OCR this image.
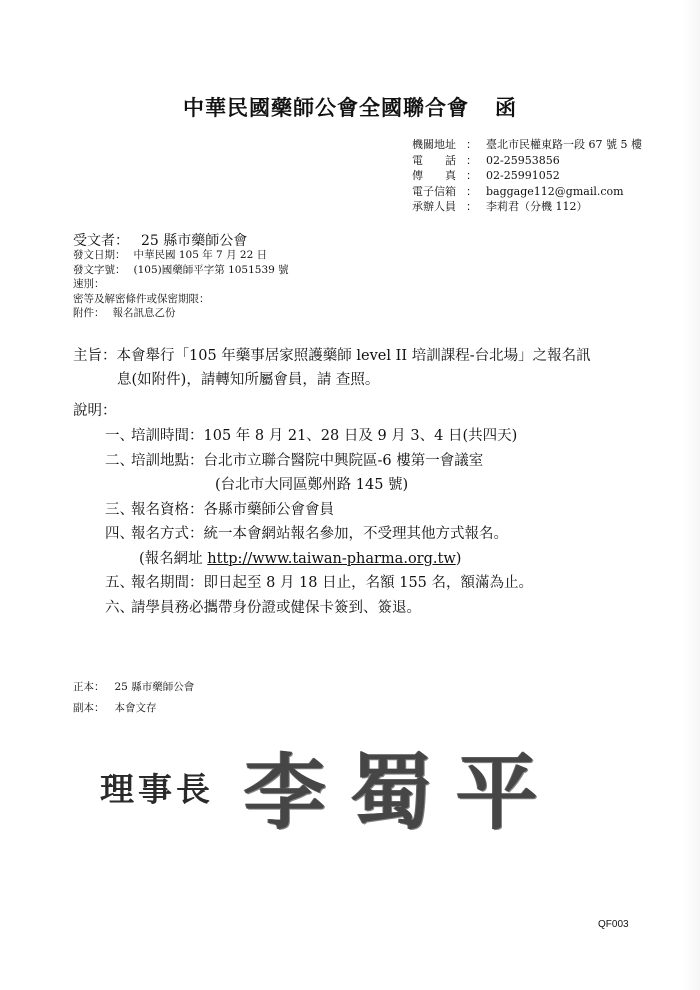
中華民國藥師公會全國聯合會 函
機關地址 ： 臺北市民權東路一段 67 號 5 樓
電　　話 ： 02-25953856
傳　　真 ： 02-25991052
電子信箱 ： baggage112@gmail.com
承辦人員 ： 李莉君（分機 112）
受文者： 25 縣市藥師公會
發文日期： 中華民國 105 年 7 月 22 日
發文字號： (105)國藥師平字第 1051539 號
速別：
密等及解密條件或保密期限：
附件： 報名訊息乙份
主旨：本會舉行「105 年藥事居家照護藥師 level II 培訓課程-台北場」之報名訊
息(如附件)，請轉知所屬會員，請 查照。
說明：
一、培訓時間：105 年 8 月 21、28 日及 9 月 3、4 日(共四天)
二、培訓地點：台北市立聯合醫院中興院區-6 樓第一會議室
(台北市大同區鄭州路 145 號)
三、報名資格：各縣市藥師公會會員
四、報名方式：統一本會網站報名參加，不受理其他方式報名。
(報名網址 http://www.taiwan-pharma.org.tw)
五、報名期間：即日起至 8 月 18 日止，名額 155 名，額滿為止。
六、請學員務必攜帶身份證或健保卡簽到、簽退。
正本： 25 縣市藥師公會
副本： 本會文存
理事長 李蜀平
QF003
